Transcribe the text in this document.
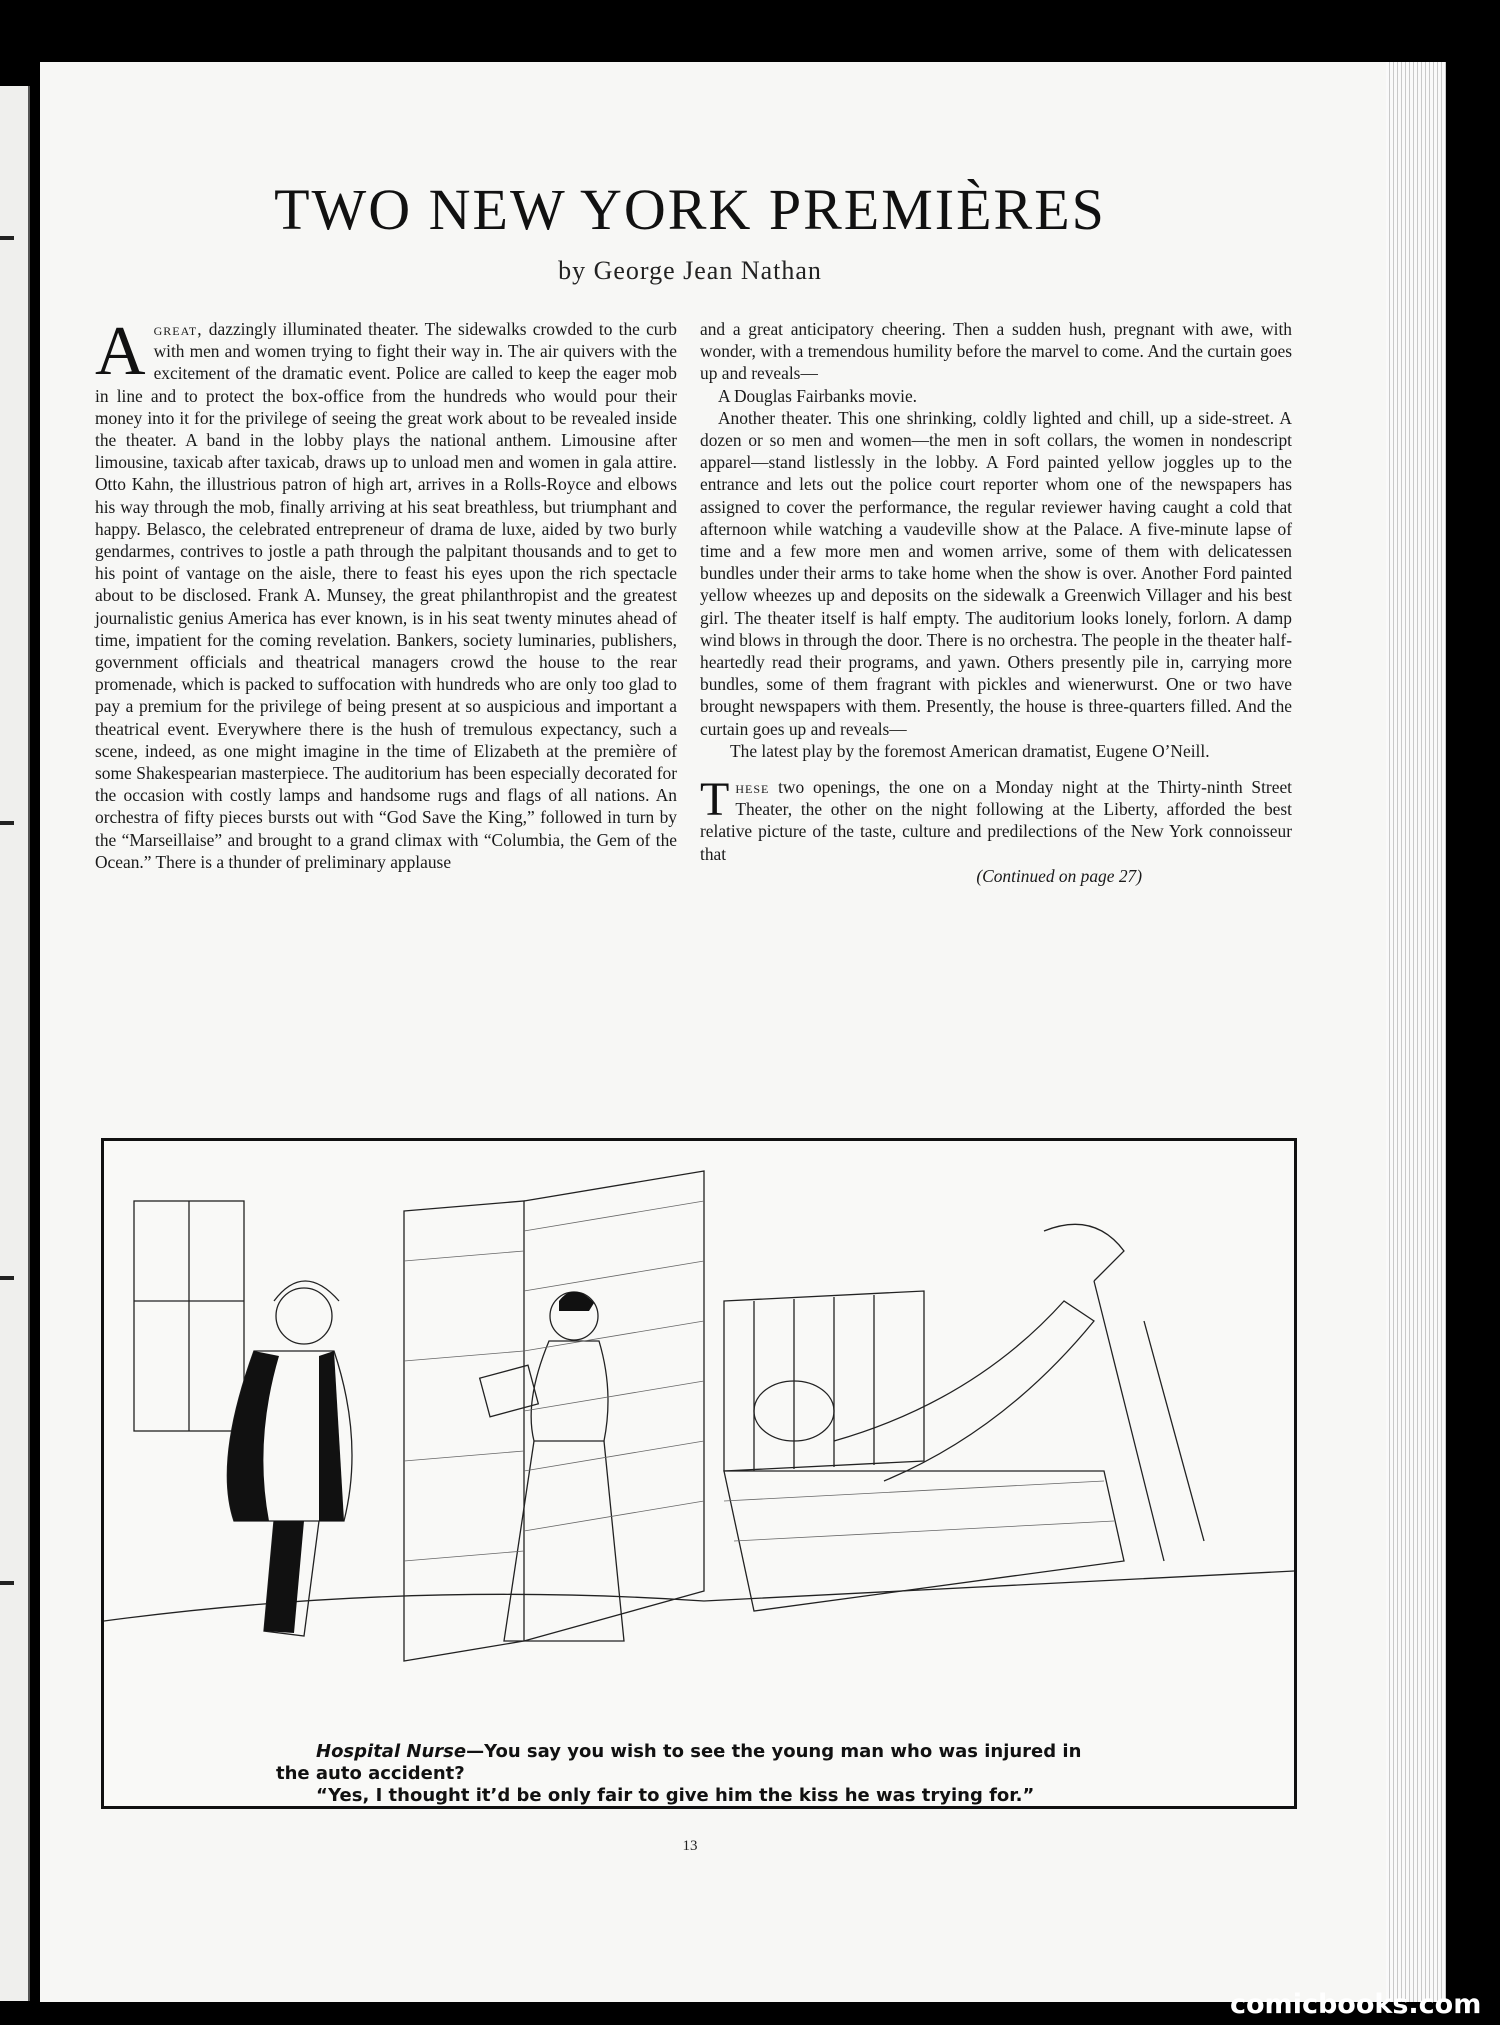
TWO NEW YORK PREMIÈRES
by George Jean Nathan

Agreat, dazzingly illuminated theater. The sidewalks crowded to the curb with men and women trying to fight their way in. The air quivers with the excitement of the dramatic event. Police are called to keep the eager mob in line and to protect the box-office from the hundreds who would pour their money into it for the privilege of seeing the great work about to be revealed inside the theater. A band in the lobby plays the national anthem. Limousine after limousine, taxicab after taxicab, draws up to unload men and women in gala attire. Otto Kahn, the illustrious patron of high art, arrives in a Rolls-Royce and elbows his way through the mob, finally arriving at his seat breathless, but triumphant and happy. Belasco, the celebrated entrepreneur of drama de luxe, aided by two burly gendarmes, contrives to jostle a path through the palpitant thousands and to get to his point of vantage on the aisle, there to feast his eyes upon the rich spectacle about to be disclosed. Frank A. Munsey, the great philanthropist and the greatest journalistic genius America has ever known, is in his seat twenty minutes ahead of time, impatient for the coming revelation. Bankers, society luminaries, publishers, government officials and theatrical managers crowd the house to the rear promenade, which is packed to suffocation with hundreds who are only too glad to pay a premium for the privilege of being present at so auspicious and important a theatrical event. Everywhere there is the hush of tremulous expectancy, such a scene, indeed, as one might imagine in the time of Elizabeth at the première of some Shakespearian masterpiece. The auditorium has been especially decorated for the occasion with costly lamps and handsome rugs and flags of all nations. An orchestra of fifty pieces bursts out with “God Save the King,” followed in turn by the “Marseillaise” and brought to a grand climax with “Columbia, the Gem of the Ocean.” There is a thunder of preliminary applause

and a great anticipatory cheering. Then a sudden hush, pregnant with awe, with wonder, with a tremendous humility before the marvel to come. And the curtain goes up and reveals—

A Douglas Fairbanks movie.

Another theater. This one shrinking, coldly lighted and chill, up a side-street. A dozen or so men and women—the men in soft collars, the women in nondescript apparel—stand listlessly in the lobby. A Ford painted yellow joggles up to the entrance and lets out the police court reporter whom one of the newspapers has assigned to cover the performance, the regular reviewer having caught a cold that afternoon while watching a vaudeville show at the Palace. A five-minute lapse of time and a few more men and women arrive, some of them with delicatessen bundles under their arms to take home when the show is over. Another Ford painted yellow wheezes up and deposits on the sidewalk a Greenwich Villager and his best girl. The theater itself is half empty. The auditorium looks lonely, forlorn. A damp wind blows in through the door. There is no orchestra. The people in the theater half-heartedly read their programs, and yawn. Others presently pile in, carrying more bundles, some of them fragrant with pickles and wienerwurst. One or two have brought newspapers with them. Presently, the house is three-quarters filled. And the curtain goes up and reveals—

The latest play by the foremost American dramatist, Eugene O’Neill.

These two openings, the one on a Monday night at the Thirty-ninth Street Theater, the other on the night following at the Liberty, afforded the best relative picture of the taste, culture and predilections of the New York connoisseur that

(Continued on page 27)

Hospital Nurse—You say you wish to see the young man who was injured in
the auto accident?
“Yes, I thought it’d be only fair to give him the kiss he was trying for.”
13
comicbooks.com
